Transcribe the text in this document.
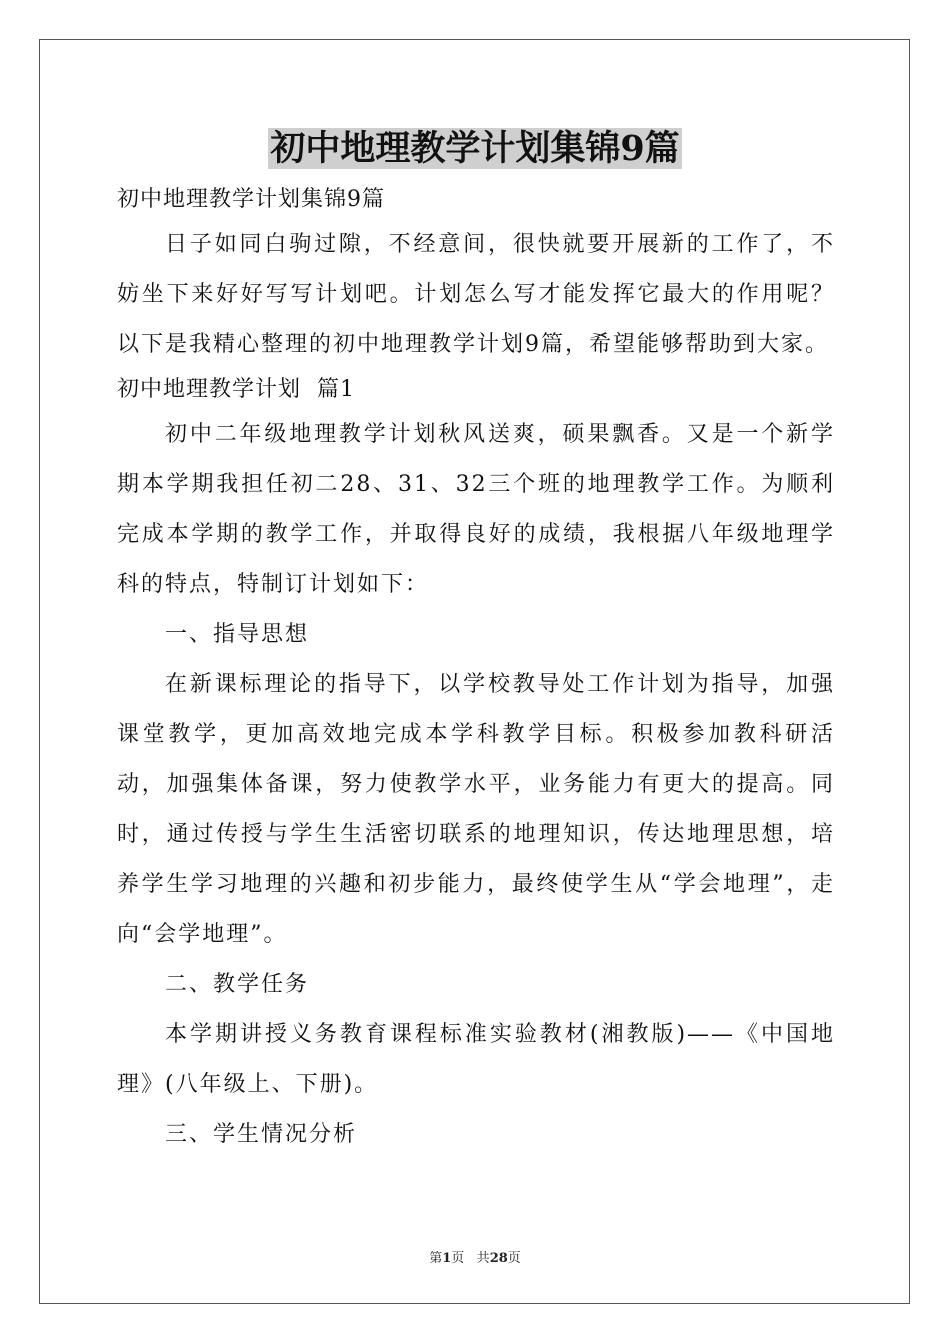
初中地理教学计划集锦9篇

初中地理教学计划集锦9篇

日子如同白驹过隙，不经意间，很快就要开展新的工作了，不妨坐下来好好写写计划吧。计划怎么写才能发挥它最大的作用呢？以下是我精心整理的初中地理教学计划9篇，希望能够帮助到大家。

初中地理教学计划  篇1

初中二年级地理教学计划秋风送爽，硕果飘香。又是一个新学期本学期我担任初二28、31、32三个班的地理教学工作。为顺利完成本学期的教学工作，并取得良好的成绩，我根据八年级地理学科的特点，特制订计划如下：

一、指导思想

在新课标理论的指导下，以学校教导处工作计划为指导，加强课堂教学，更加高效地完成本学科教学目标。积极参加教科研活动，加强集体备课，努力使教学水平，业务能力有更大的提高。同时，通过传授与学生生活密切联系的地理知识，传达地理思想，培养学生学习地理的兴趣和初步能力，最终使学生从“学会地理”，走向“会学地理”。

二、教学任务

本学期讲授义务教育课程标准实验教材(湘教版)——《中国地理》(八年级上、下册)。

三、学生情况分析

第1页 共28页
